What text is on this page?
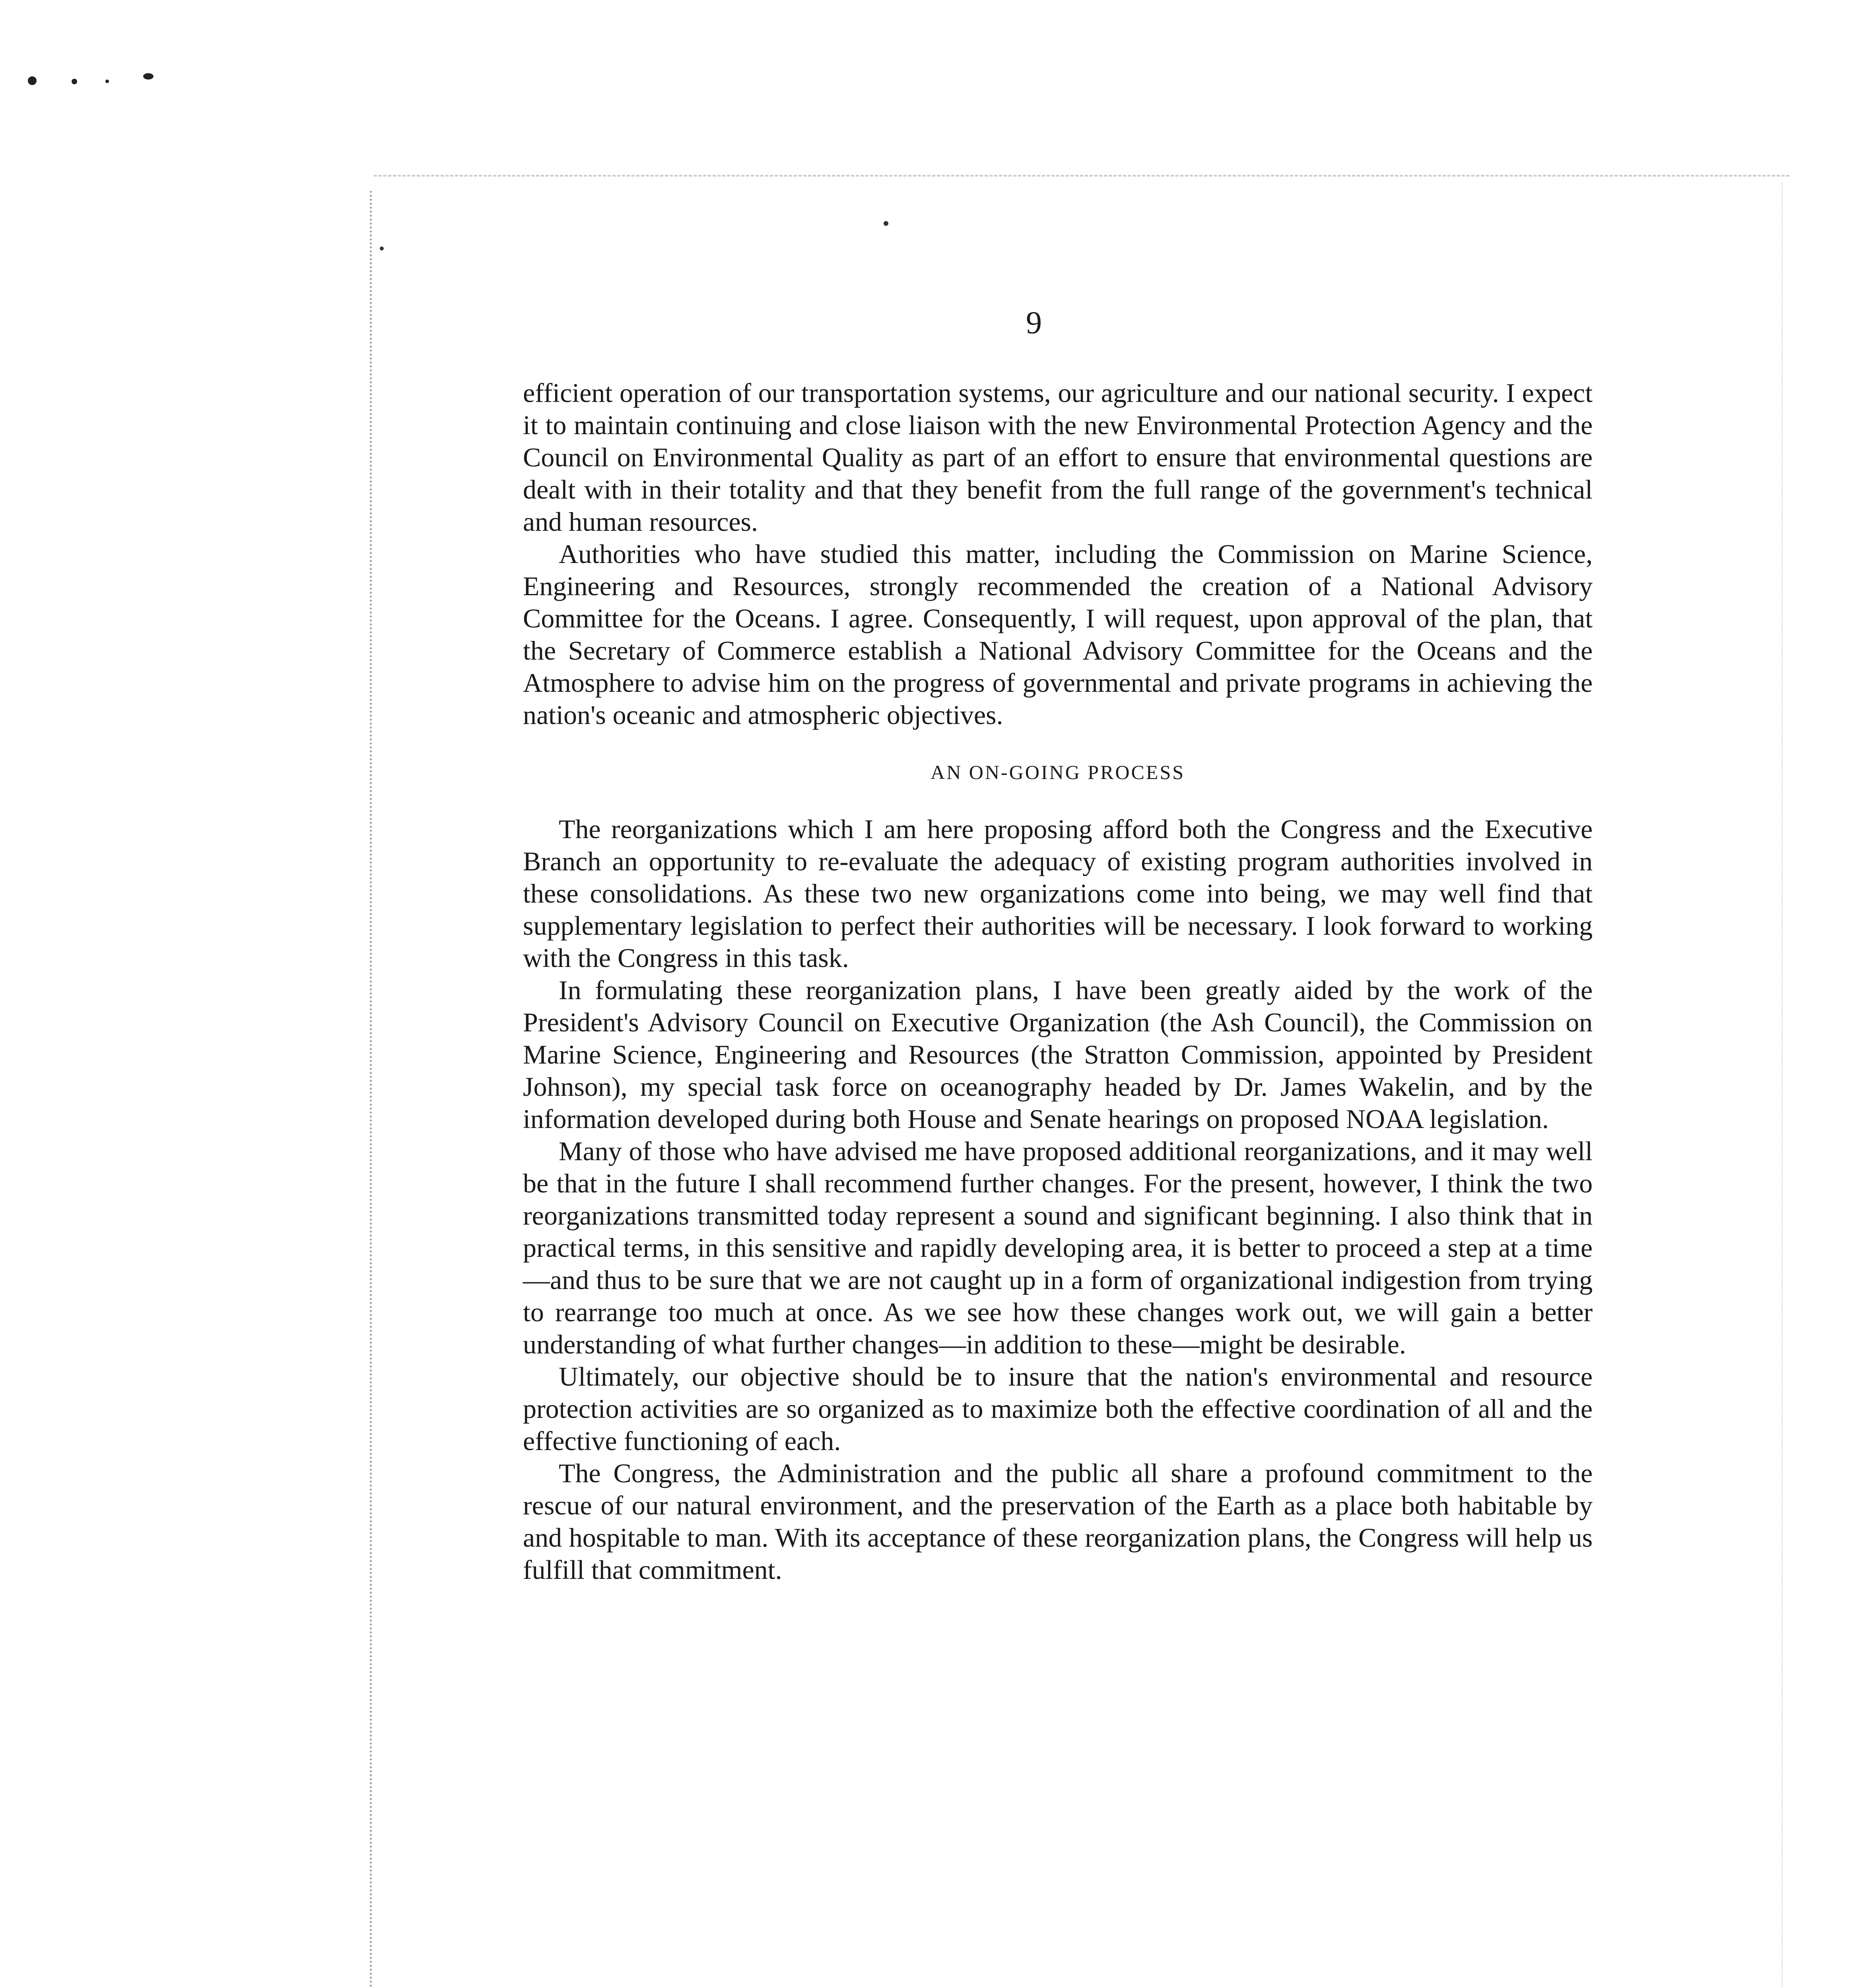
9

efficient operation of our transportation systems, our agriculture and our national security. I expect it to maintain continuing and close liaison with the new Environmental Protection Agency and the Council on Environmental Quality as part of an effort to ensure that environmental questions are dealt with in their totality and that they benefit from the full range of the government's technical and human resources.

Authorities who have studied this matter, including the Commission on Marine Science, Engineering and Resources, strongly recommended the creation of a National Advisory Committee for the Oceans. I agree. Consequently, I will request, upon approval of the plan, that the Secretary of Commerce establish a National Advisory Committee for the Oceans and the Atmosphere to advise him on the progress of governmental and private programs in achieving the nation's oceanic and atmospheric objectives.

AN ON-GOING PROCESS

The reorganizations which I am here proposing afford both the Congress and the Executive Branch an opportunity to re-evaluate the adequacy of existing program authorities involved in these consolidations. As these two new organizations come into being, we may well find that supplementary legislation to perfect their authorities will be necessary. I look forward to working with the Congress in this task.

In formulating these reorganization plans, I have been greatly aided by the work of the President's Advisory Council on Executive Organization (the Ash Council), the Commission on Marine Science, Engineering and Resources (the Stratton Commission, appointed by President Johnson), my special task force on oceanography headed by Dr. James Wakelin, and by the information developed during both House and Senate hearings on proposed NOAA legislation.

Many of those who have advised me have proposed additional reorganizations, and it may well be that in the future I shall recommend further changes. For the present, however, I think the two reorganizations transmitted today represent a sound and significant beginning. I also think that in practical terms, in this sensitive and rapidly developing area, it is better to proceed a step at a time—and thus to be sure that we are not caught up in a form of organizational indigestion from trying to rearrange too much at once. As we see how these changes work out, we will gain a better understanding of what further changes—in addition to these—might be desirable.

Ultimately, our objective should be to insure that the nation's environmental and resource protection activities are so organized as to maximize both the effective coordination of all and the effective functioning of each.

The Congress, the Administration and the public all share a profound commitment to the rescue of our natural environment, and the preservation of the Earth as a place both habitable by and hospitable to man. With its acceptance of these reorganization plans, the Congress will help us fulfill that commitment.
